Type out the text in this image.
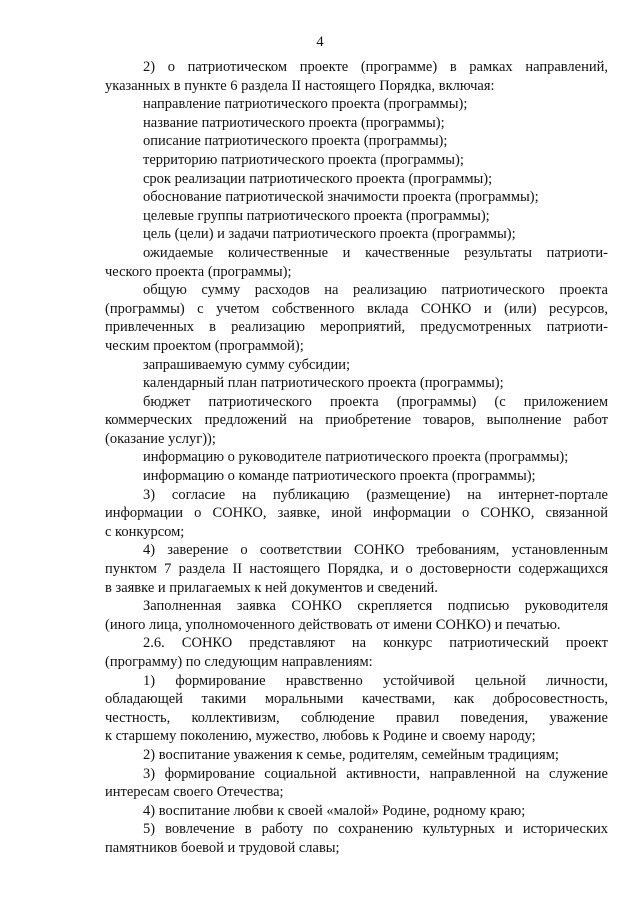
4

2) о патриотическом проекте (программе) в рамках направлений,

указанных в пункте 6 раздела II настоящего Порядка, включая:

направление патриотического проекта (программы);

название патриотического проекта (программы);

описание патриотического проекта (программы);

территорию патриотического проекта (программы);

срок реализации патриотического проекта (программы);

обоснование патриотической значимости проекта (программы);

целевые группы патриотического проекта (программы);

цель (цели) и задачи патриотического проекта (программы);

ожидаемые количественные и качественные результаты патриоти-

ческого проекта (программы);

общую сумму расходов на реализацию патриотического проекта

(программы) с учетом собственного вклада СОНКО и (или) ресурсов,

привлеченных в реализацию мероприятий, предусмотренных патриоти-

ческим проектом (программой);

запрашиваемую сумму субсидии;

календарный план патриотического проекта (программы);

бюджет патриотического проекта (программы) (с приложением

коммерческих предложений на приобретение товаров, выполнение работ

(оказание услуг));

информацию о руководителе патриотического проекта (программы);

информацию о команде патриотического проекта (программы);

3) согласие на публикацию (размещение) на интернет-портале

информации о СОНКО, заявке, иной информации о СОНКО, связанной

с конкурсом;

4) заверение о соответствии СОНКО требованиям, установленным

пунктом 7 раздела II настоящего Порядка, и о достоверности содержащихся

в заявке и прилагаемых к ней документов и сведений.

Заполненная заявка СОНКО скрепляется подписью руководителя

(иного лица, уполномоченного действовать от имени СОНКО) и печатью.

2.6. СОНКО представляют на конкурс патриотический проект

(программу) по следующим направлениям:

1) формирование нравственно устойчивой цельной личности,

обладающей такими моральными качествами, как добросовестность,

честность, коллективизм, соблюдение правил поведения, уважение

к старшему поколению, мужество, любовь к Родине и своему народу;

2) воспитание уважения к семье, родителям, семейным традициям;

3) формирование социальной активности, направленной на служение

интересам своего Отечества;

4) воспитание любви к своей «малой» Родине, родному краю;

5) вовлечение в работу по сохранению культурных и исторических

памятников боевой и трудовой славы;
